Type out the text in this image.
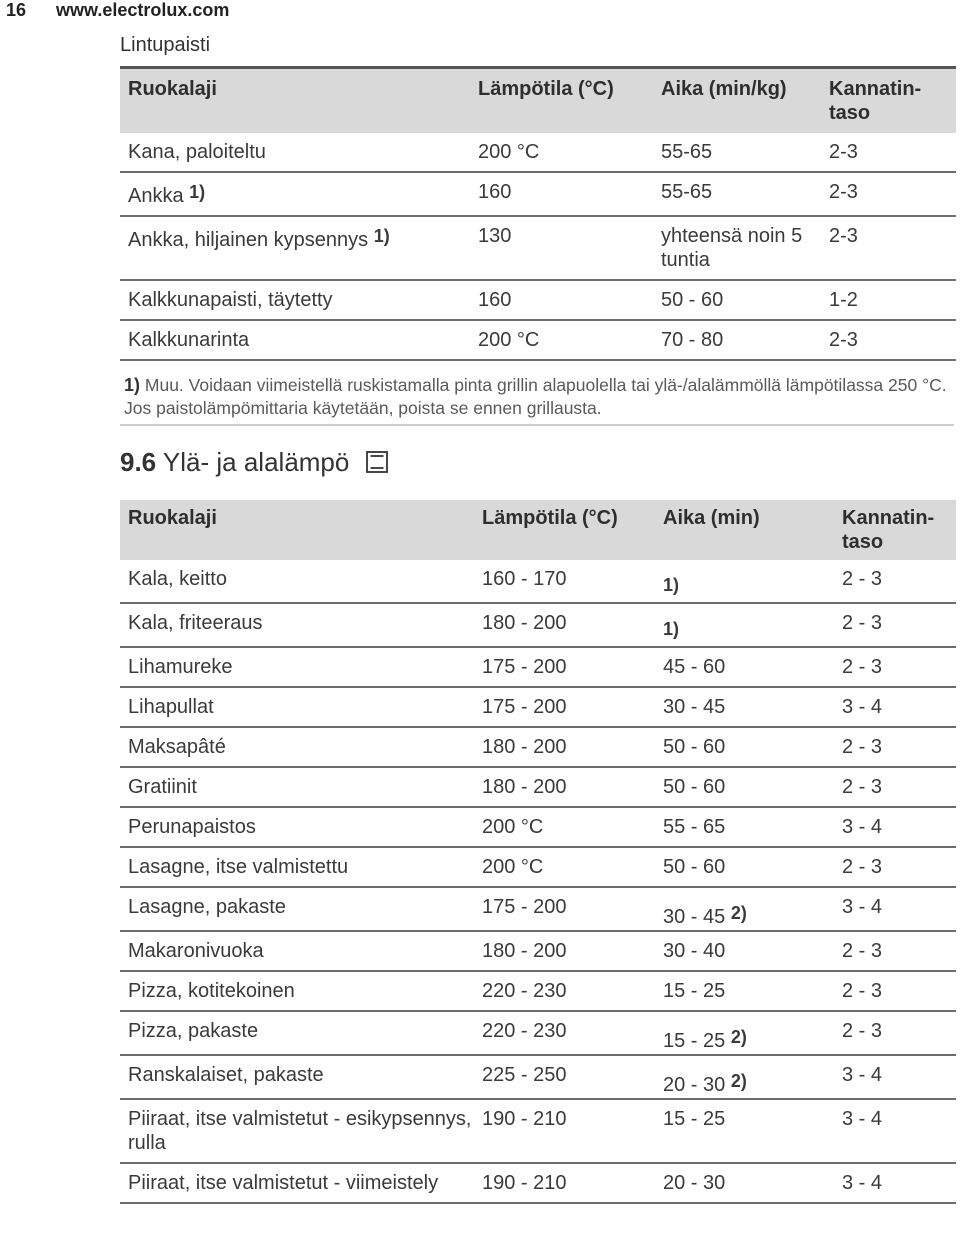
16 www.electrolux.com
Lintupaisti
Ruokalaji	Lämpötila (°C)	Aika (min/kg)	Kannatin-
taso
Kana, paloiteltu	200 °C	55-65	2-3
Ankka $^{1)}$	160	55-65	2-3
Ankka, hiljainen kypsennys $^{1)}$	130	yhteensä noin 5 tuntia	2-3
Kalkkunapaisti, täytetty	160	50 - 60	1-2
Kalkkunarinta	200 °C	70 - 80	2-3
1) Muu. Voidaan viimeistellä ruskistamalla pinta grillin alapuolella tai ylä-/alalämmöllä lämpötilassa 250 °C. Jos paistolämpömittaria käytetään, poista se ennen grillausta.
9.6 Ylä- ja alalämpö
Ruokalaji	Lämpötila (°C)	Aika (min)	Kannatin-
taso
Kala, keitto	160 - 170	$^{1)}$	2 - 3
Kala, friteeraus	180 - 200	$^{1)}$	2 - 3
Lihamureke	175 - 200	45 - 60	2 - 3
Lihapullat	175 - 200	30 - 45	3 - 4
Maksapâté	180 - 200	50 - 60	2 - 3
Gratiinit	180 - 200	50 - 60	2 - 3
Perunapaistos	200 °C	55 - 65	3 - 4
Lasagne, itse valmistettu	200 °C	50 - 60	2 - 3
Lasagne, pakaste	175 - 200	30 - 45 $^{2)}$	3 - 4
Makaronivuoka	180 - 200	30 - 40	2 - 3
Pizza, kotitekoinen	220 - 230	15 - 25	2 - 3
Pizza, pakaste	220 - 230	15 - 25 $^{2)}$	2 - 3
Ranskalaiset, pakaste	225 - 250	20 - 30 $^{2)}$	3 - 4
Piiraat, itse valmistetut - esikypsennys, rulla	190 - 210	15 - 25	3 - 4
Piiraat, itse valmistetut - viimeistely	190 - 210	20 - 30	3 - 4
